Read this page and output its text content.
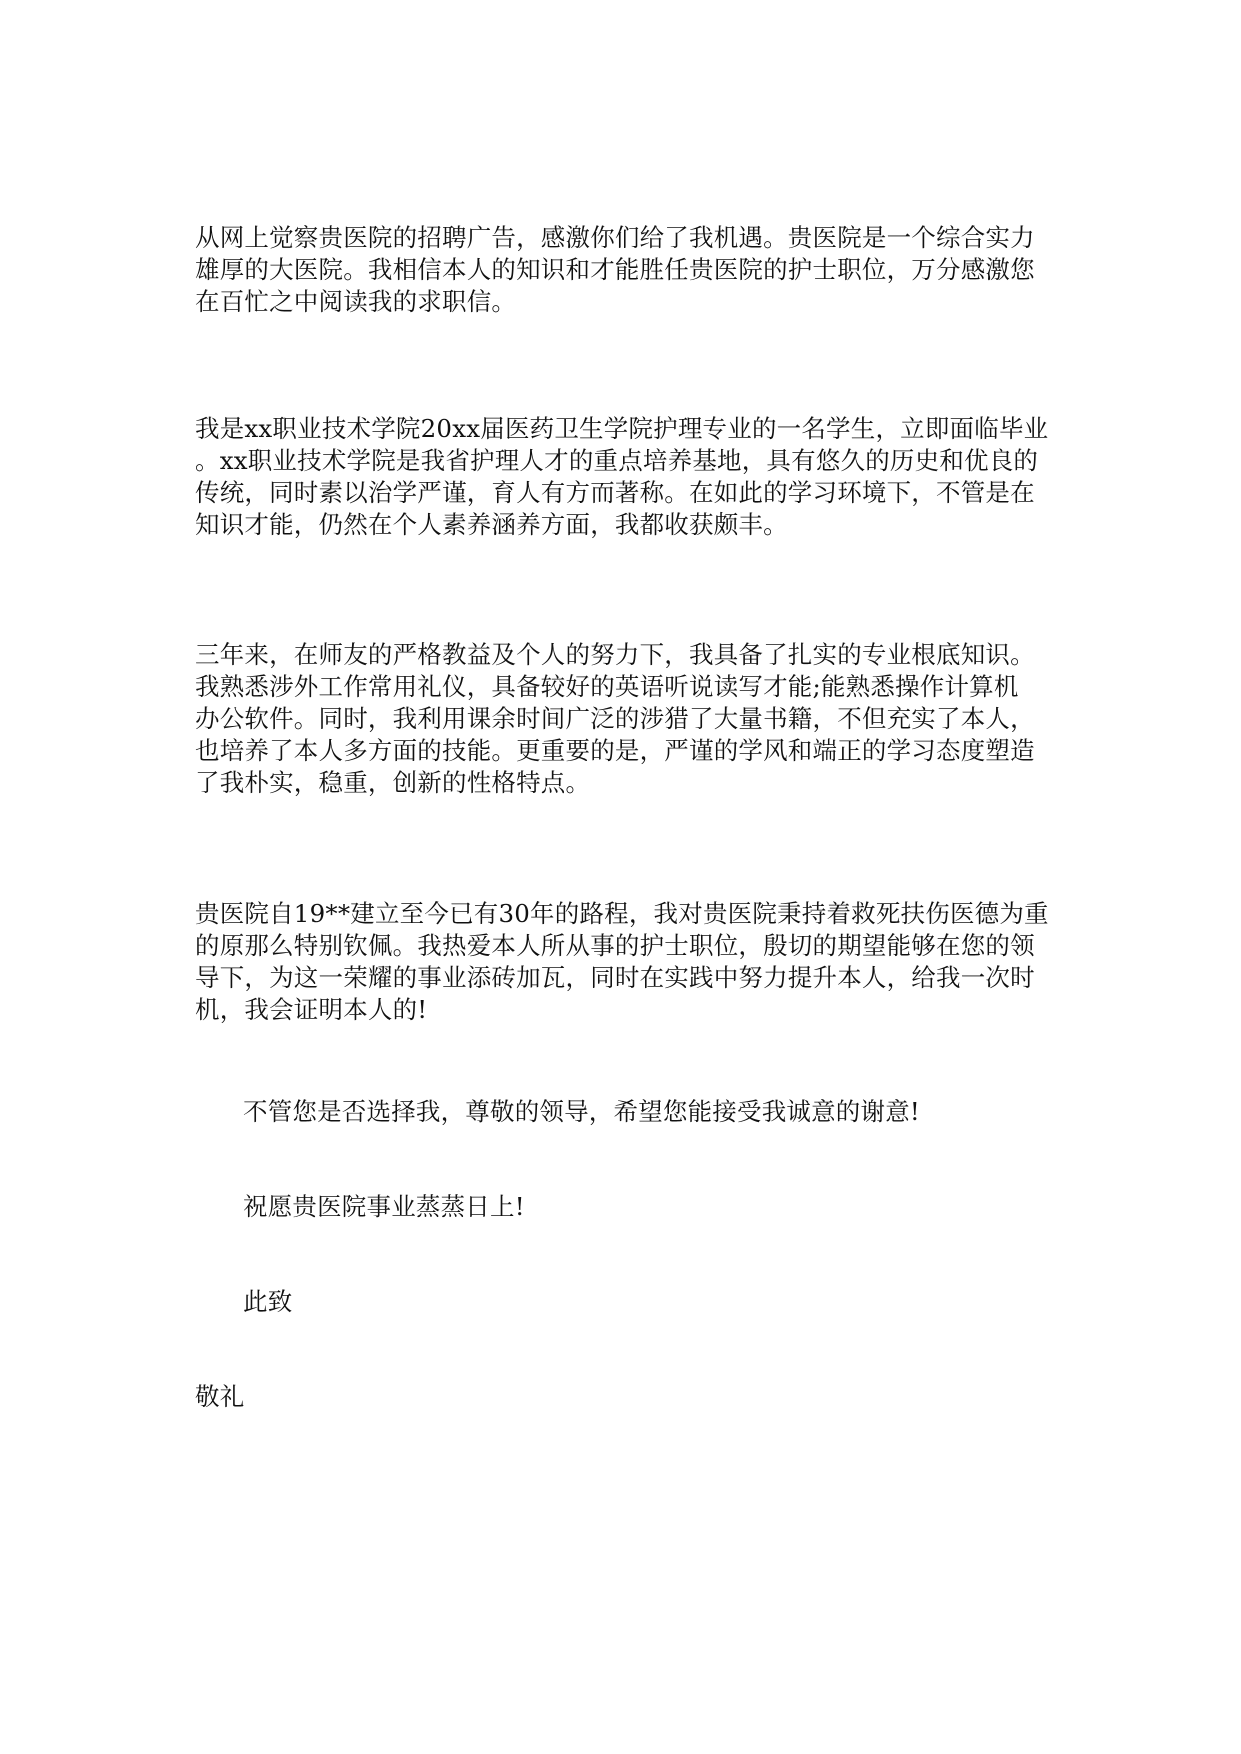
从网上觉察贵医院的招聘广告，感激你们给了我机遇。贵医院是一个综合实力
雄厚的大医院。我相信本人的知识和才能胜任贵医院的护士职位，万分感激您
在百忙之中阅读我的求职信。
我是xx职业技术学院20xx届医药卫生学院护理专业的一名学生，立即面临毕业
。xx职业技术学院是我省护理人才的重点培养基地，具有悠久的历史和优良的
传统，同时素以治学严谨，育人有方而著称。在如此的学习环境下，不管是在
知识才能，仍然在个人素养涵养方面，我都收获颇丰。
三年来，在师友的严格教益及个人的努力下，我具备了扎实的专业根底知识。
我熟悉涉外工作常用礼仪，具备较好的英语听说读写才能;能熟悉操作计算机
办公软件。同时，我利用课余时间广泛的涉猎了大量书籍，不但充实了本人，
也培养了本人多方面的技能。更重要的是，严谨的学风和端正的学习态度塑造
了我朴实，稳重，创新的性格特点。
贵医院自19**建立至今已有30年的路程，我对贵医院秉持着救死扶伤医德为重
的原那么特别钦佩。我热爱本人所从事的护士职位，殷切的期望能够在您的领
导下，为这一荣耀的事业添砖加瓦，同时在实践中努力提升本人，给我一次时
机，我会证明本人的!
不管您是否选择我，尊敬的领导，希望您能接受我诚意的谢意!
祝愿贵医院事业蒸蒸日上!
此致
敬礼
